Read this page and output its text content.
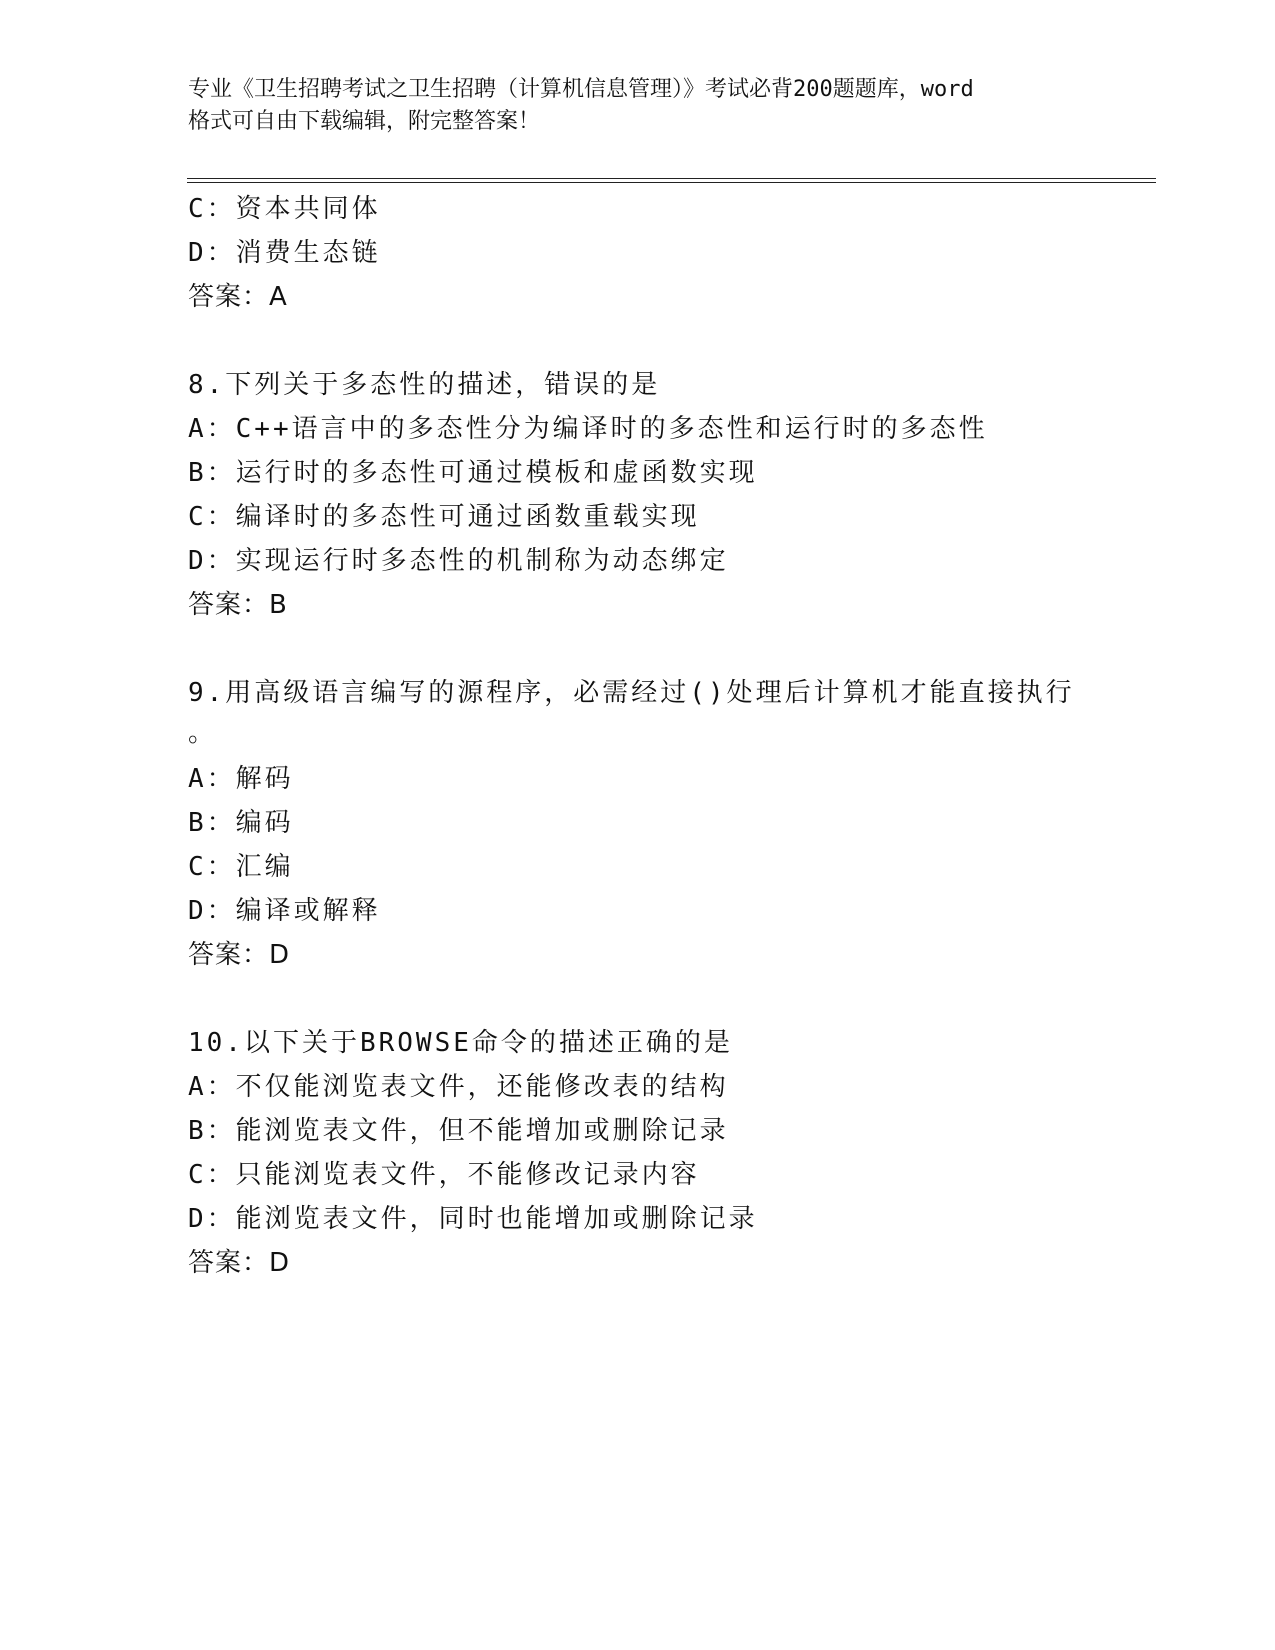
专业《卫生招聘考试之卫生招聘（计算机信息管理）》考试必背200题题库，word
格式可自由下载编辑，附完整答案！
C：资本共同体
D：消费生态链
答案：A
8.下列关于多态性的描述，错误的是
A：C++语言中的多态性分为编译时的多态性和运行时的多态性
B：运行时的多态性可通过模板和虚函数实现
C：编译时的多态性可通过函数重载实现
D：实现运行时多态性的机制称为动态绑定
答案：B
9.用高级语言编写的源程序，必需经过()处理后计算机才能直接执行
。
A：解码
B：编码
C：汇编
D：编译或解释
答案：D
10.以下关于BROWSE命令的描述正确的是
A：不仅能浏览表文件，还能修改表的结构
B：能浏览表文件，但不能增加或删除记录
C：只能浏览表文件，不能修改记录内容
D：能浏览表文件，同时也能增加或删除记录
答案：D
